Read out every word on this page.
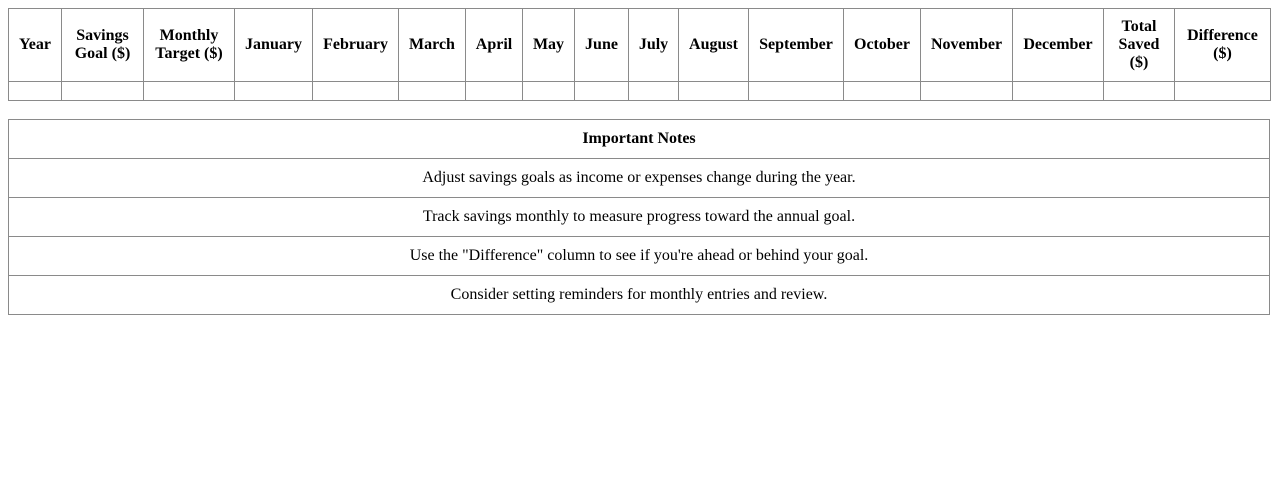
Year	Savings Goal ($)	Monthly Target ($)	January	February	March	April	May	June	July	August	September	October	November	December	Total Saved ($)	Difference ($)

Important Notes
Adjust savings goals as income or expenses change during the year.
Track savings monthly to measure progress toward the annual goal.
Use the "Difference" column to see if you're ahead or behind your goal.
Consider setting reminders for monthly entries and review.
